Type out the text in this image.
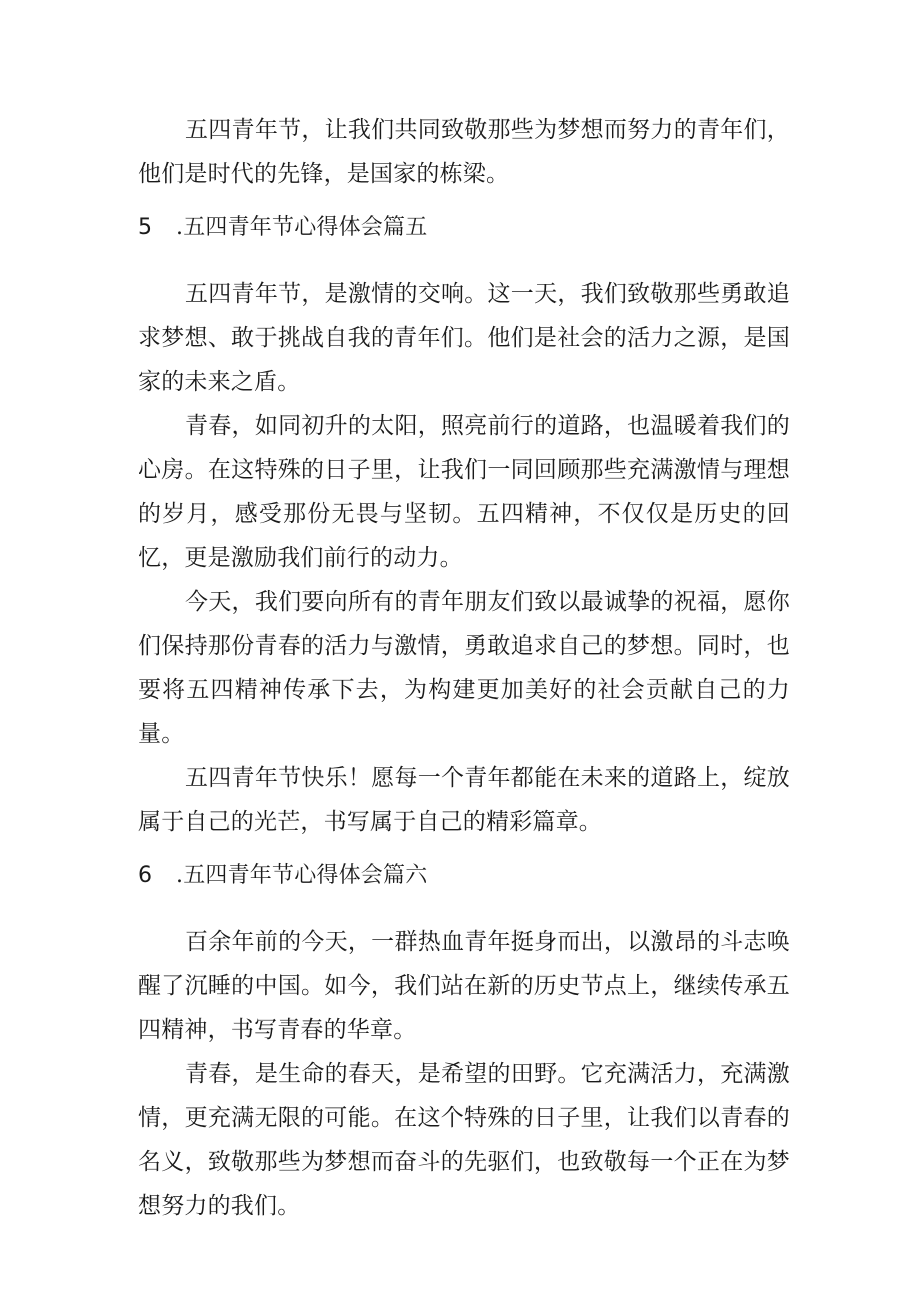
五四青年节，让我们共同致敬那些为梦想而努力的青年们，他们是时代的先锋，是国家的栋梁。

5 .五四青年节心得体会篇五

五四青年节，是激情的交响。这一天，我们致敬那些勇敢追求梦想、敢于挑战自我的青年们。他们是社会的活力之源，是国家的未来之盾。

青春，如同初升的太阳，照亮前行的道路，也温暖着我们的心房。在这特殊的日子里，让我们一同回顾那些充满激情与理想的岁月，感受那份无畏与坚韧。五四精神，不仅仅是历史的回忆，更是激励我们前行的动力。

今天，我们要向所有的青年朋友们致以最诚挚的祝福，愿你们保持那份青春的活力与激情，勇敢追求自己的梦想。同时，也要将五四精神传承下去，为构建更加美好的社会贡献自己的力量。

五四青年节快乐！愿每一个青年都能在未来的道路上，绽放属于自己的光芒，书写属于自己的精彩篇章。

6 .五四青年节心得体会篇六

百余年前的今天，一群热血青年挺身而出，以激昂的斗志唤醒了沉睡的中国。如今，我们站在新的历史节点上，继续传承五四精神，书写青春的华章。

青春，是生命的春天，是希望的田野。它充满活力，充满激情，更充满无限的可能。在这个特殊的日子里，让我们以青春的名义，致敬那些为梦想而奋斗的先驱们，也致敬每一个正在为梦想努力的我们。
